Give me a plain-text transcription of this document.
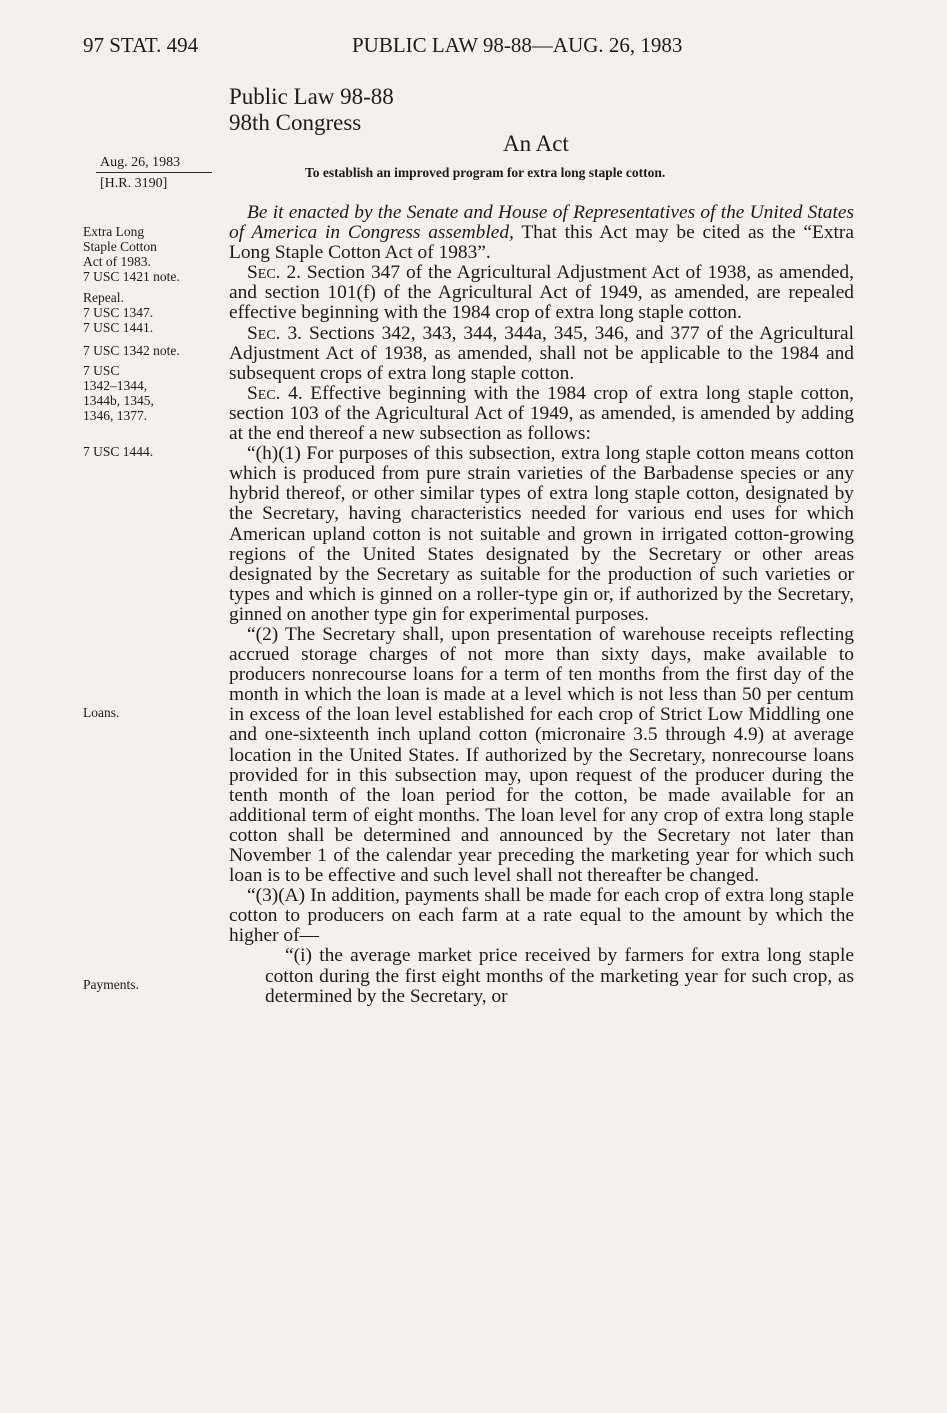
97 STAT. 494	PUBLIC LAW 98-88—AUG. 26, 1983
Public Law 98-88
98th Congress
An Act
To establish an improved program for extra long staple cotton.
Aug. 26, 1983
[H.R. 3190]
Extra Long
Staple Cotton
Act of 1983.
7 USC 1421 note.
Repeal.
7 USC 1347.
7 USC 1441.
7 USC 1342 note.
7 USC
1342–1344,
1344b, 1345,
1346, 1377.
7 USC 1444.
Loans.
Payments.

Be it enacted by the Senate and House of Representatives of the United States of America in Congress assembled, That this Act may be cited as the “Extra Long Staple Cotton Act of 1983”.

Sec. 2. Section 347 of the Agricultural Adjustment Act of 1938, as amended, and section 101(f) of the Agricultural Act of 1949, as amended, are repealed effective beginning with the 1984 crop of extra long staple cotton.

Sec. 3. Sections 342, 343, 344, 344a, 345, 346, and 377 of the Agricultural Adjustment Act of 1938, as amended, shall not be applicable to the 1984 and subsequent crops of extra long staple cotton.

Sec. 4. Effective beginning with the 1984 crop of extra long staple cotton, section 103 of the Agricultural Act of 1949, as amended, is amended by adding at the end thereof a new subsection as follows:

“(h)(1) For purposes of this subsection, extra long staple cotton means cotton which is produced from pure strain varieties of the Barbadense species or any hybrid thereof, or other similar types of extra long staple cotton, designated by the Secretary, having characteristics needed for various end uses for which American upland cotton is not suitable and grown in irrigated cotton-growing regions of the United States designated by the Secretary or other areas designated by the Secretary as suitable for the production of such varieties or types and which is ginned on a roller-type gin or, if authorized by the Secretary, ginned on another type gin for experimental purposes.

“(2) The Secretary shall, upon presentation of warehouse receipts reflecting accrued storage charges of not more than sixty days, make available to producers nonrecourse loans for a term of ten months from the first day of the month in which the loan is made at a level which is not less than 50 per centum in excess of the loan level established for each crop of Strict Low Middling one and one-sixteenth inch upland cotton (micronaire 3.5 through 4.9) at average location in the United States. If authorized by the Secretary, nonrecourse loans provided for in this subsection may, upon request of the producer during the tenth month of the loan period for the cotton, be made available for an additional term of eight months. The loan level for any crop of extra long staple cotton shall be determined and announced by the Secretary not later than November 1 of the calendar year preceding the marketing year for which such loan is to be effective and such level shall not thereafter be changed.

“(3)(A) In addition, payments shall be made for each crop of extra long staple cotton to producers on each farm at a rate equal to the amount by which the higher of—

“(i) the average market price received by farmers for extra long staple cotton during the first eight months of the marketing year for such crop, as determined by the Secretary, or
